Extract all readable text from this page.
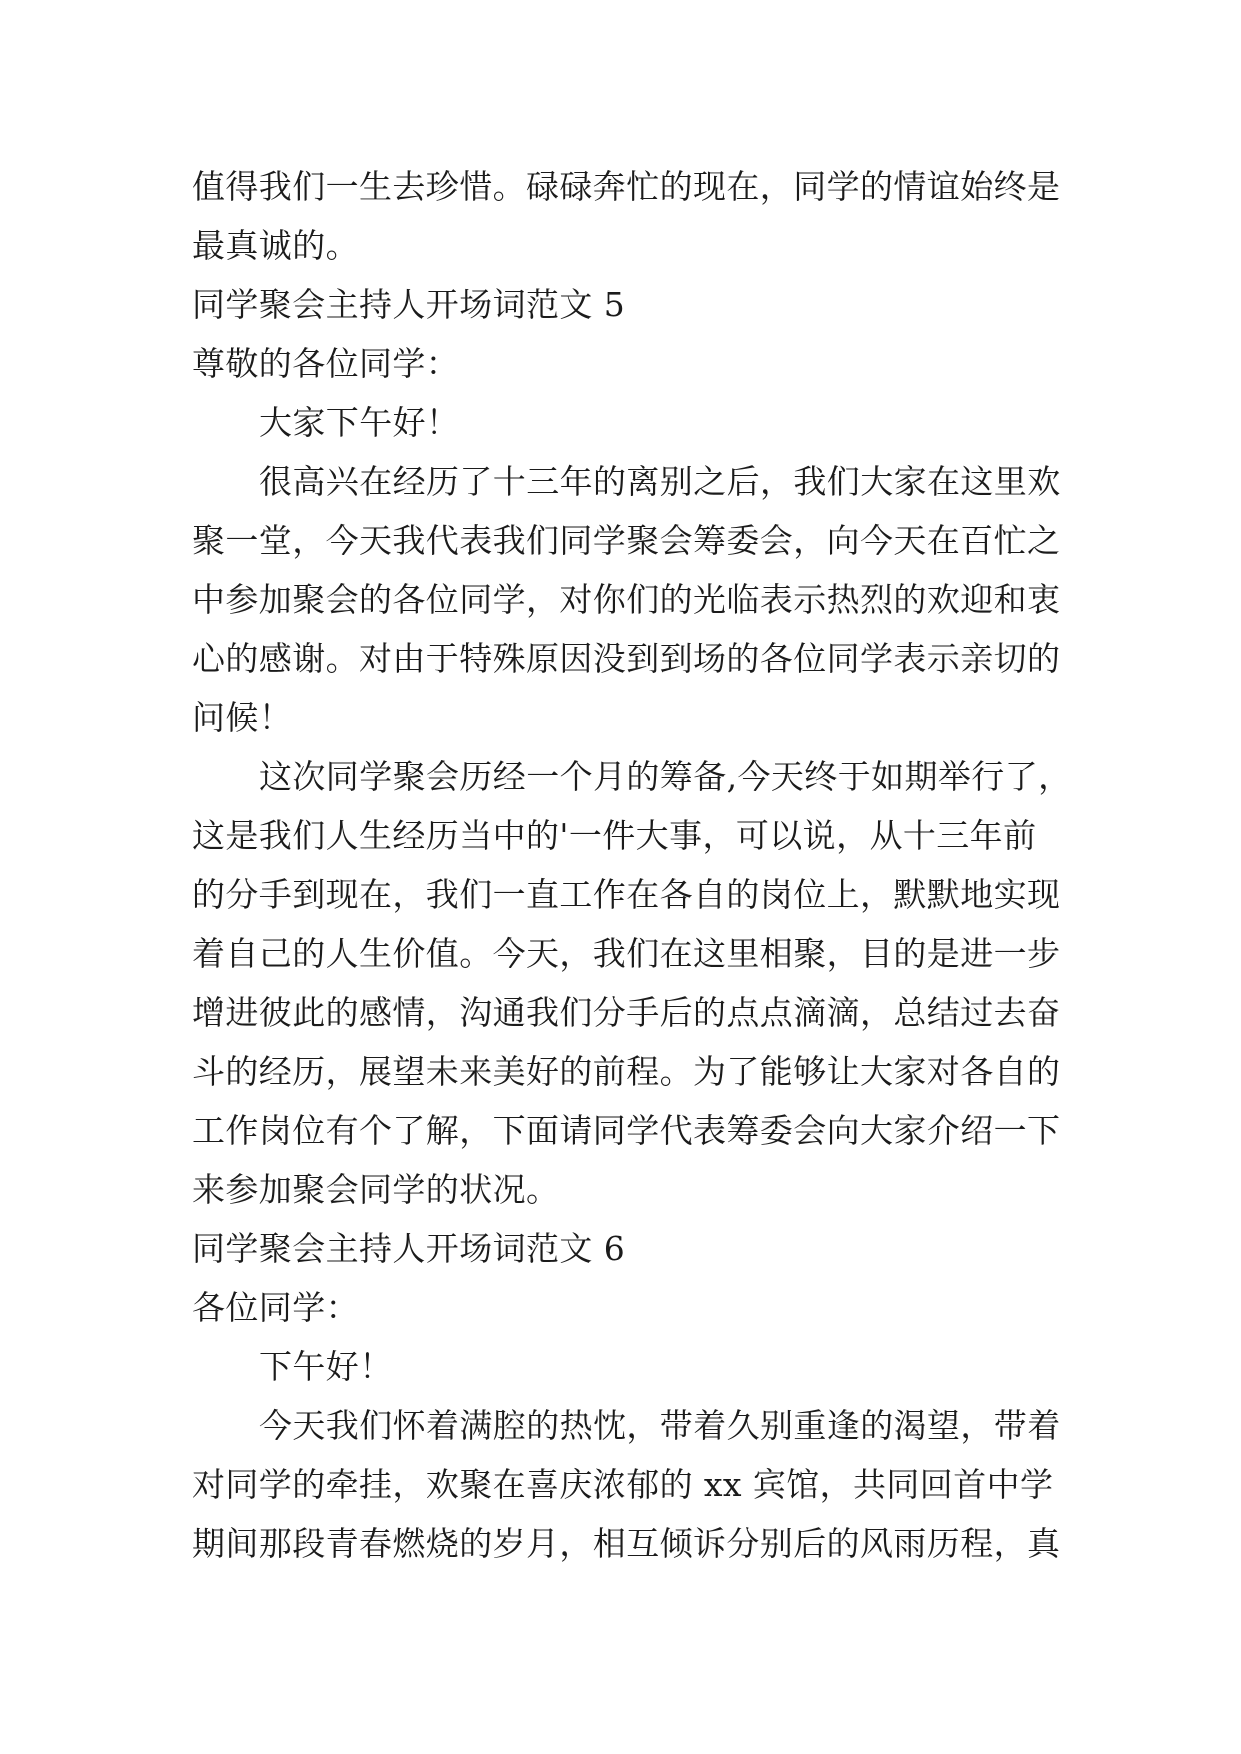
值得我们一生去珍惜。碌碌奔忙的现在，同学的情谊始终是
最真诚的。
同学聚会主持人开场词范文 5
尊敬的各位同学：
大家下午好！
很高兴在经历了十三年的离别之后，我们大家在这里欢
聚一堂，今天我代表我们同学聚会筹委会，向今天在百忙之
中参加聚会的各位同学，对你们的光临表示热烈的欢迎和衷
心的感谢。对由于特殊原因没到到场的各位同学表示亲切的
问候！
这次同学聚会历经一个月的筹备,今天终于如期举行了，
这是我们人生经历当中的'一件大事，可以说，从十三年前
的分手到现在，我们一直工作在各自的岗位上，默默地实现
着自己的人生价值。今天，我们在这里相聚，目的是进一步
增进彼此的感情，沟通我们分手后的点点滴滴，总结过去奋
斗的经历，展望未来美好的前程。为了能够让大家对各自的
工作岗位有个了解，下面请同学代表筹委会向大家介绍一下
来参加聚会同学的状况。
同学聚会主持人开场词范文 6
各位同学：
下午好！
今天我们怀着满腔的热忱，带着久别重逢的渴望，带着
对同学的牵挂，欢聚在喜庆浓郁的 xx 宾馆，共同回首中学
期间那段青春燃烧的岁月，相互倾诉分别后的风雨历程，真
